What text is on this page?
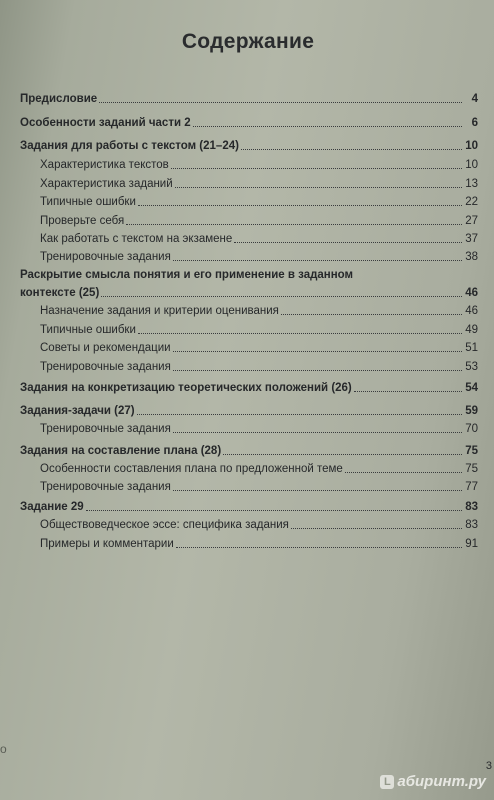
Содержание
Предисловие	4
Особенности заданий части 2	6
Задания для работы с текстом (21–24)	10
Характеристика текстов	10
Характеристика заданий	13
Типичные ошибки	22
Проверьте себя	27
Как работать с текстом на экзамене	37
Тренировочные задания	38
Раскрытие смысла понятия и его применение в заданном
контексте (25)	46
Назначение задания и критерии оценивания	46
Типичные ошибки	49
Советы и рекомендации	51
Тренировочные задания	53
Задания на конкретизацию теоретических положений (26)	54
Задания-задачи (27)	59
Тренировочные задания	70
Задания на составление плана (28)	75
Особенности составления плана по предложенной теме	75
Тренировочные задания	77
Задание 29	83
Обществоведческое эссе: специфика задания	83
Примеры и комментарии	91
о
3
L абиринт.ру
